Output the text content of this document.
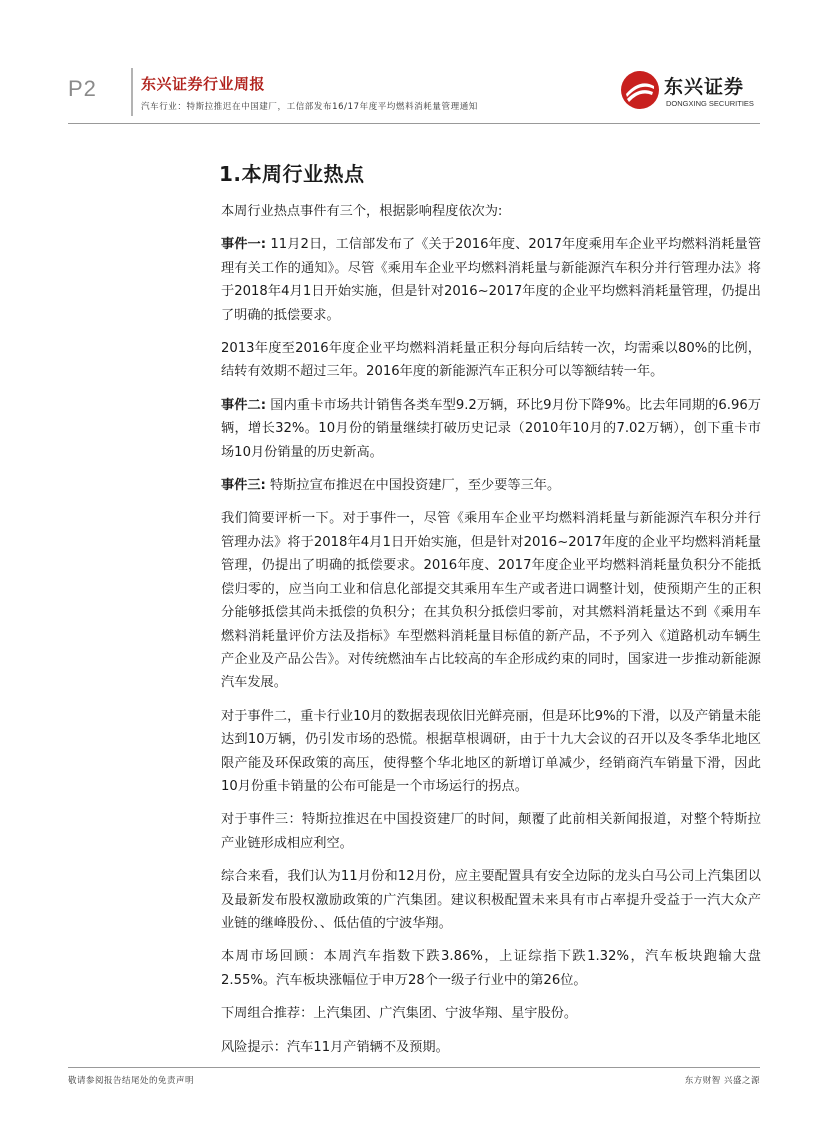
P2	东兴证券行业周报
汽车行业：特斯拉推迟在中国建厂，工信部发布16/17年度平均燃料消耗量管理通知
东兴证券
DONGXING SECURITIES
1.本周行业热点

本周行业热点事件有三个，根据影响程度依次为:

事件一: 11月2日，工信部发布了《关于2016年度、2017年度乘用车企业平均燃料消耗量管理有关工作的通知》。尽管《乘用车企业平均燃料消耗量与新能源汽车积分并行管理办法》将于2018年4月1日开始实施，但是针对2016~2017年度的企业平均燃料消耗量管理，仍提出了明确的抵偿要求。

2013年度至2016年度企业平均燃料消耗量正积分每向后结转一次，均需乘以80%的比例，结转有效期不超过三年。2016年度的新能源汽车正积分可以等额结转一年。

事件二: 国内重卡市场共计销售各类车型9.2万辆，环比9月份下降9%。比去年同期的6.96万辆，增长32%。10月份的销量继续打破历史记录（2010年10月的7.02万辆），创下重卡市场10月份销量的历史新高。

事件三: 特斯拉宣布推迟在中国投资建厂，至少要等三年。

我们简要评析一下。对于事件一，尽管《乘用车企业平均燃料消耗量与新能源汽车积分并行管理办法》将于2018年4月1日开始实施，但是针对2016~2017年度的企业平均燃料消耗量管理，仍提出了明确的抵偿要求。2016年度、2017年度企业平均燃料消耗量负积分不能抵偿归零的，应当向工业和信息化部提交其乘用车生产或者进口调整计划，使预期产生的正积分能够抵偿其尚未抵偿的负积分；在其负积分抵偿归零前，对其燃料消耗量达不到《乘用车燃料消耗量评价方法及指标》车型燃料消耗量目标值的新产品，不予列入《道路机动车辆生产企业及产品公告》。对传统燃油车占比较高的车企形成约束的同时，国家进一步推动新能源汽车发展。

对于事件二，重卡行业10月的数据表现依旧光鲜亮丽，但是环比9%的下滑，以及产销量未能达到10万辆，仍引发市场的恐慌。根据草根调研，由于十九大会议的召开以及冬季华北地区限产能及环保政策的高压，使得整个华北地区的新增订单减少，经销商汽车销量下滑，因此10月份重卡销量的公布可能是一个市场运行的拐点。

对于事件三：特斯拉推迟在中国投资建厂的时间，颠覆了此前相关新闻报道，对整个特斯拉产业链形成相应利空。

综合来看，我们认为11月份和12月份，应主要配置具有安全边际的龙头白马公司上汽集团以及最新发布股权激励政策的广汽集团。建议积极配置未来具有市占率提升受益于一汽大众产业链的继峰股份、、低估值的宁波华翔。

本周市场回顾：本周汽车指数下跌3.86%，上证综指下跌1.32%，汽车板块跑输大盘2.55%。汽车板块涨幅位于申万28个一级子行业中的第26位。

下周组合推荐：上汽集团、广汽集团、宁波华翔、星宇股份。

风险提示：汽车11月产销辆不及预期。

敬请参阅报告结尾处的免责声明	东方财智 兴盛之源
